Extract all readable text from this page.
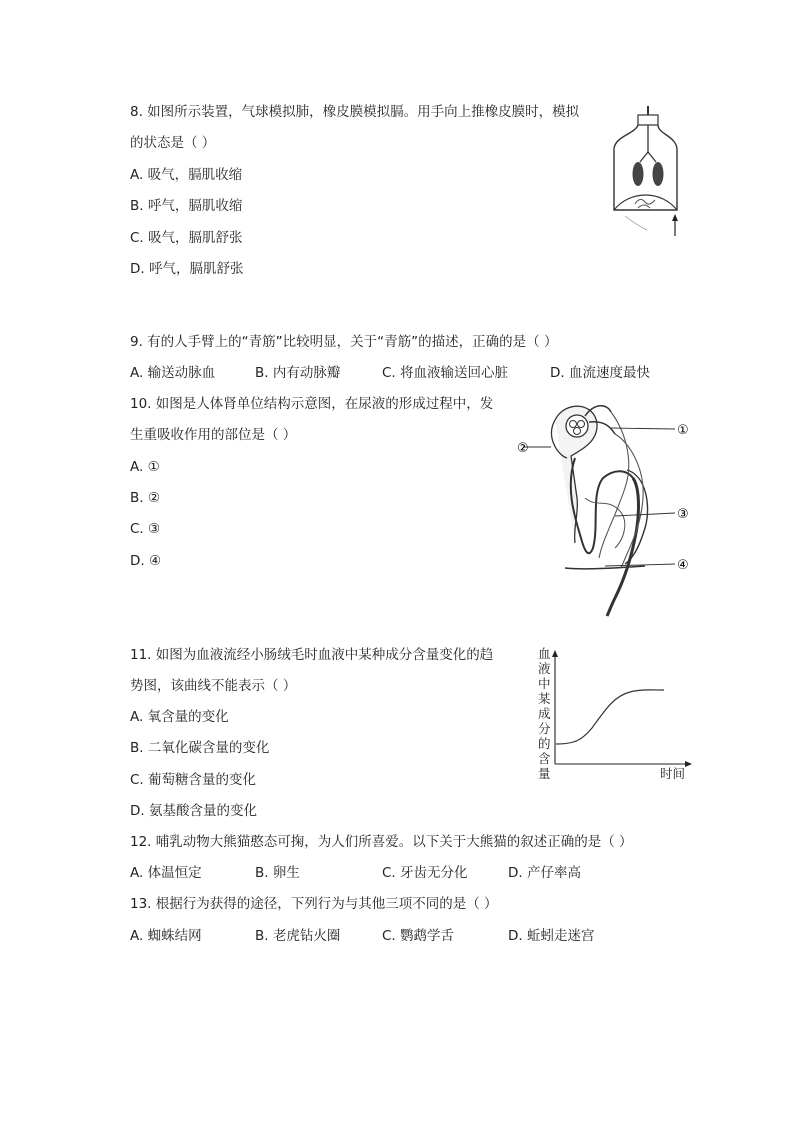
8. 如图所示装置，气球模拟肺，橡皮膜模拟膈。用手向上推橡皮膜时，模拟
的状态是（ ）
A. 吸气，膈肌收缩
B. 呼气，膈肌收缩
C. 吸气，膈肌舒张
D. 呼气，膈肌舒张
9. 有的人手臂上的“青筋”比较明显，关于“青筋”的描述，正确的是（ ）
A. 输送动脉血	B. 内有动脉瓣	C. 将血液输送回心脏	D. 血流速度最快
10. 如图是人体肾单位结构示意图，在尿液的形成过程中，发
生重吸收作用的部位是（ ）
A. ①
B. ②
C. ③
D. ④
①
②
③
④
11. 如图为血液流经小肠绒毛时血液中某种成分含量变化的趋
势图，该曲线不能表示（ ）
A. 氧含量的变化
B. 二氧化碳含量的变化
C. 葡萄糖含量的变化
D. 氨基酸含量的变化
血
液
中
某
成
分
的
含
量	时间
12. 哺乳动物大熊猫憨态可掬，为人们所喜爱。以下关于大熊猫的叙述正确的是（ ）
A. 体温恒定	B. 卵生	C. 牙齿无分化	D. 产仔率高
13. 根据行为获得的途径，下列行为与其他三项不同的是（ ）
A. 蜘蛛结网	B. 老虎钻火圈	C. 鹦鹉学舌	D. 蚯蚓走迷宫
